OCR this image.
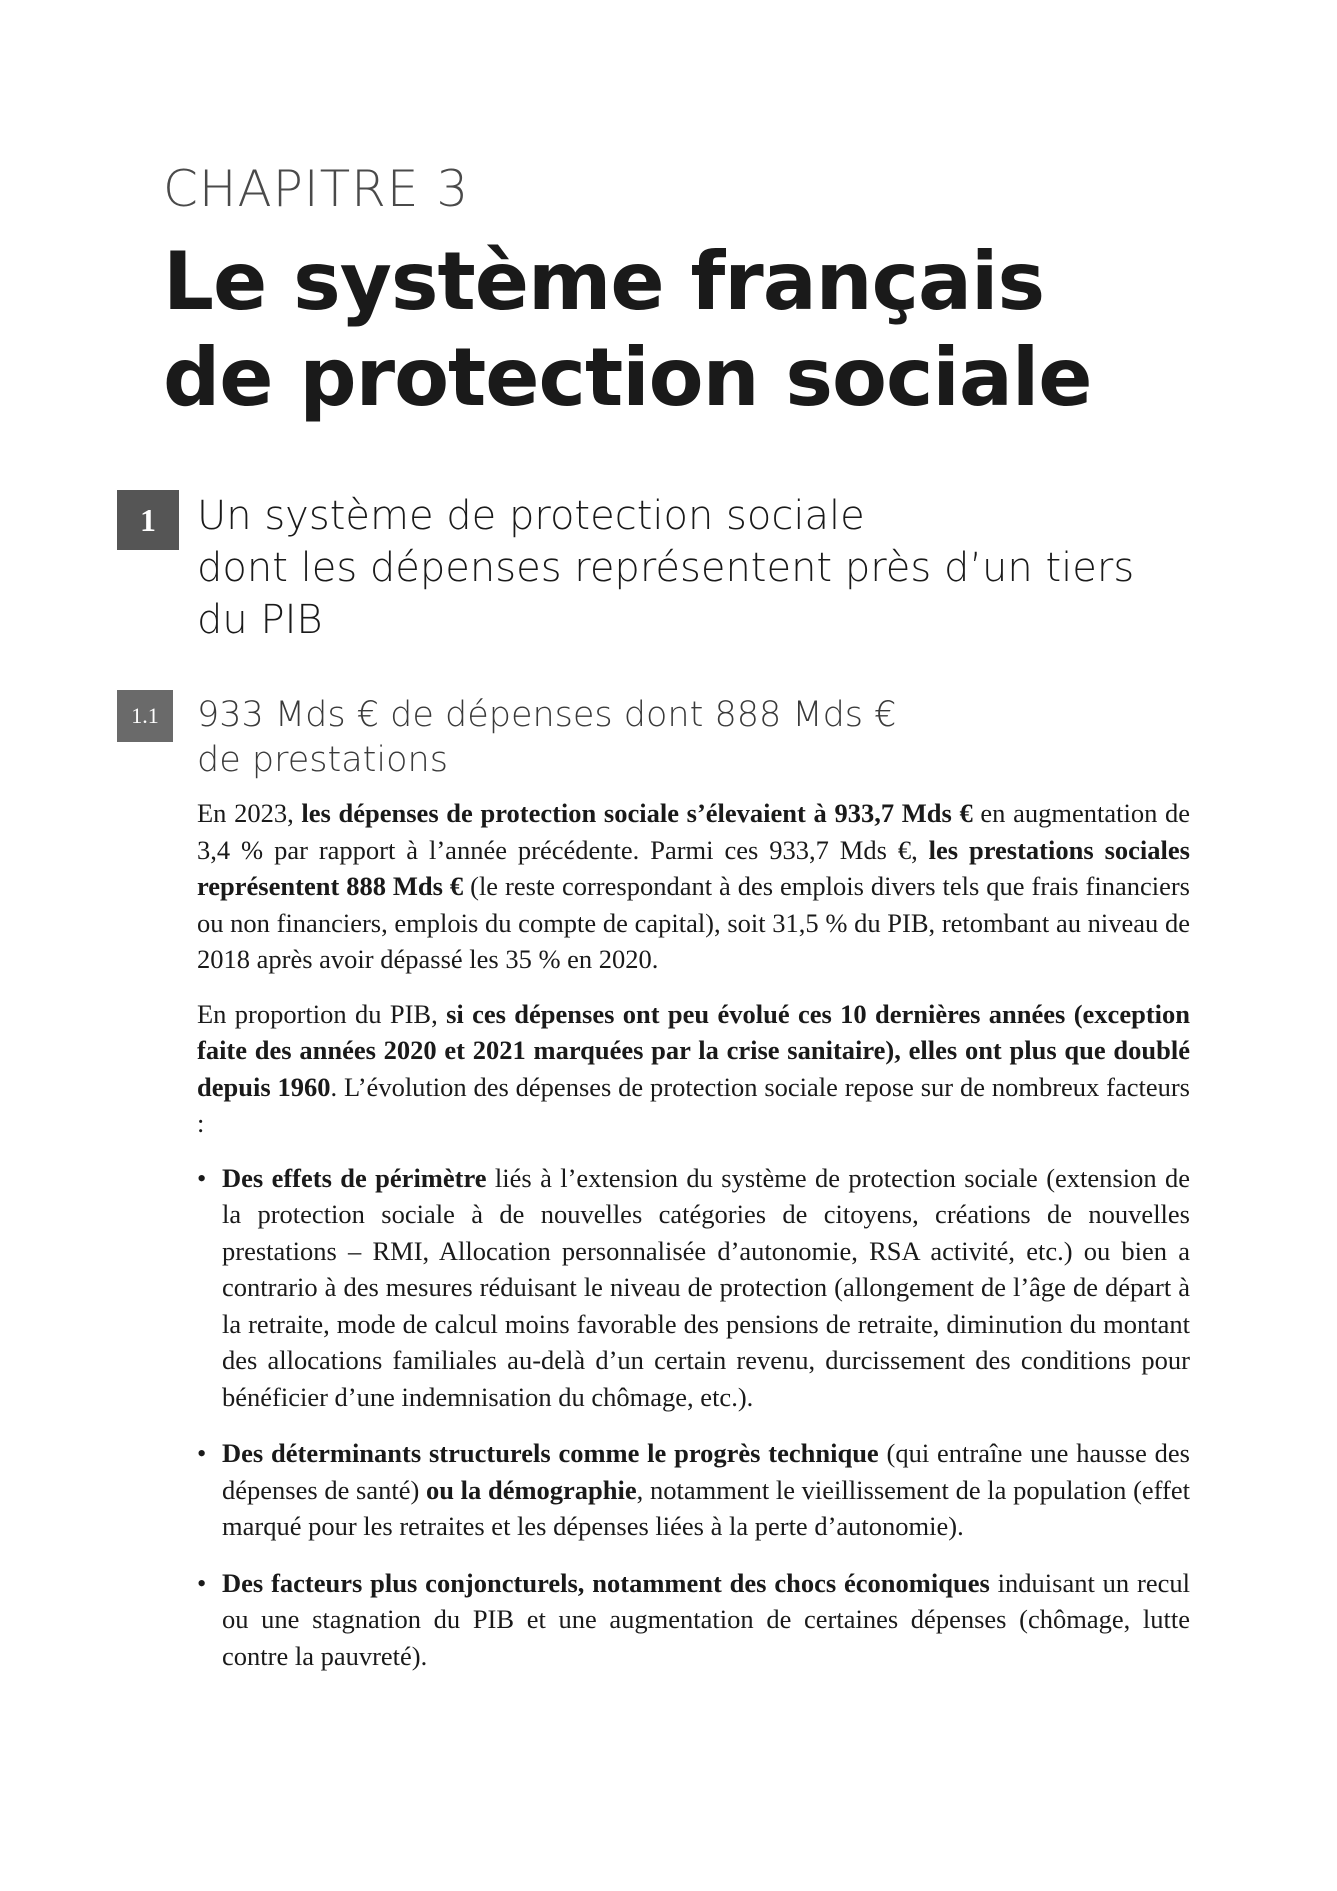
CHAPITRE 3
Le système français
de protection sociale
1	Un système de protection sociale
dont les dépenses représentent près d’un tiers
du PIB
1.1	933 Mds € de dépenses dont 888 Mds €
de prestations

En 2023, les dépenses de protection sociale s’élevaient à 933,7 Mds € en augmentation de 3,4 % par rapport à l’année précédente. Parmi ces 933,7 Mds €, les prestations sociales représentent 888 Mds € (le reste correspondant à des emplois divers tels que frais financiers ou non financiers, emplois du compte de capital), soit 31,5 % du PIB, retombant au niveau de 2018 après avoir dépassé les 35 % en 2020.

En proportion du PIB, si ces dépenses ont peu évolué ces 10 dernières années (exception faite des années 2020 et 2021 marquées par la crise sanitaire), elles ont plus que doublé depuis 1960. L’évolution des dépenses de protection sociale repose sur de nombreux facteurs :

• Des effets de périmètre liés à l’extension du système de protection sociale (extension de la protection sociale à de nouvelles catégories de citoyens, créations de nouvelles prestations – RMI, Allocation personnalisée d’autonomie, RSA activité, etc.) ou bien a contrario à des mesures réduisant le niveau de protection (allongement de l’âge de départ à la retraite, mode de calcul moins favorable des pensions de retraite, diminution du montant des allocations familiales au-delà d’un certain revenu, durcissement des conditions pour bénéficier d’une indemnisation du chômage, etc.).
• Des déterminants structurels comme le progrès technique (qui entraîne une hausse des dépenses de santé) ou la démographie, notamment le vieillissement de la population (effet marqué pour les retraites et les dépenses liées à la perte d’autonomie).
• Des facteurs plus conjoncturels, notamment des chocs économiques induisant un recul ou une stagnation du PIB et une augmentation de certaines dépenses (chômage, lutte contre la pauvreté).
